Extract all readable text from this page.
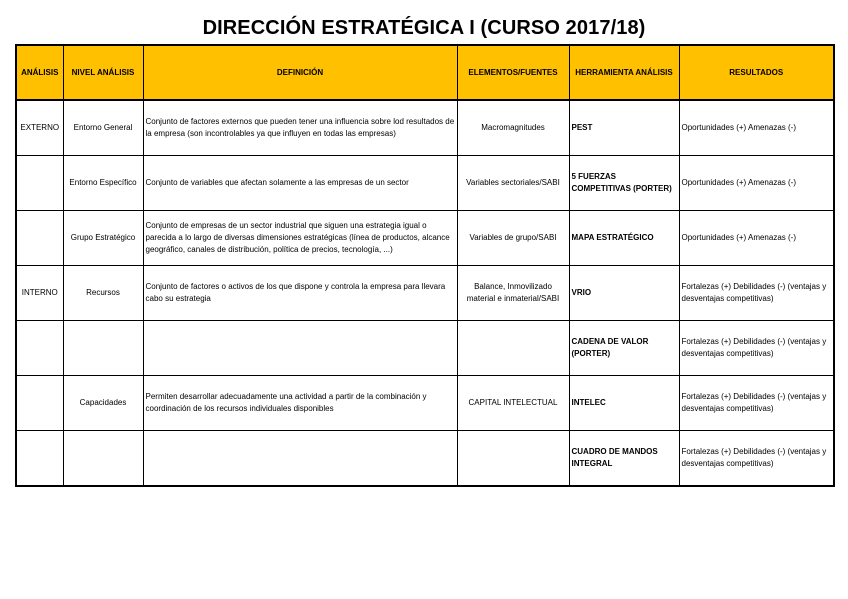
DIRECCIÓN ESTRATÉGICA I (CURSO 2017/18)
ANÁLISIS	NIVEL ANÁLISIS	DEFINICIÓN	ELEMENTOS/FUENTES	HERRAMIENTA ANÁLISIS	RESULTADOS
EXTERNO	Entorno General	Conjunto de factores externos que pueden tener una influencia sobre lod resultados de la empresa (son incontrolables ya que influyen en todas las empresas)	Macromagnitudes	PEST	Oportunidades (+) Amenazas (-)
	Entorno Específico	Conjunto de variables que afectan solamente a las empresas de un sector	Variables sectoriales/SABI	5 FUERZAS COMPETITIVAS (PORTER)	Oportunidades (+) Amenazas (-)
	Grupo Estratégico	Conjunto de empresas de un sector industrial que siguen una estrategia igual o parecida a lo largo de diversas dimensiones estratégicas (línea de productos, alcance geográfico, canales de distribución, política de precios, tecnología, ...)	Variables de grupo/SABI	MAPA ESTRATÉGICO	Oportunidades (+) Amenazas (-)
INTERNO	Recursos	Conjunto de factores o activos de los que dispone y controla la empresa para llevara cabo su estrategia	Balance, Inmovilizado material e inmaterial/SABI	VRIO	Fortalezas (+) Debilidades (-) (ventajas y desventajas competitivas)
				CADENA DE VALOR (PORTER)	Fortalezas (+) Debilidades (-) (ventajas y desventajas competitivas)
	Capacidades	Permiten desarrollar adecuadamente una actividad a partir de la combinación y coordinación de los recursos individuales disponibles	CAPITAL INTELECTUAL	INTELEC	Fortalezas (+) Debilidades (-) (ventajas y desventajas competitivas)
				CUADRO DE MANDOS INTEGRAL	Fortalezas (+) Debilidades (-) (ventajas y desventajas competitivas)
